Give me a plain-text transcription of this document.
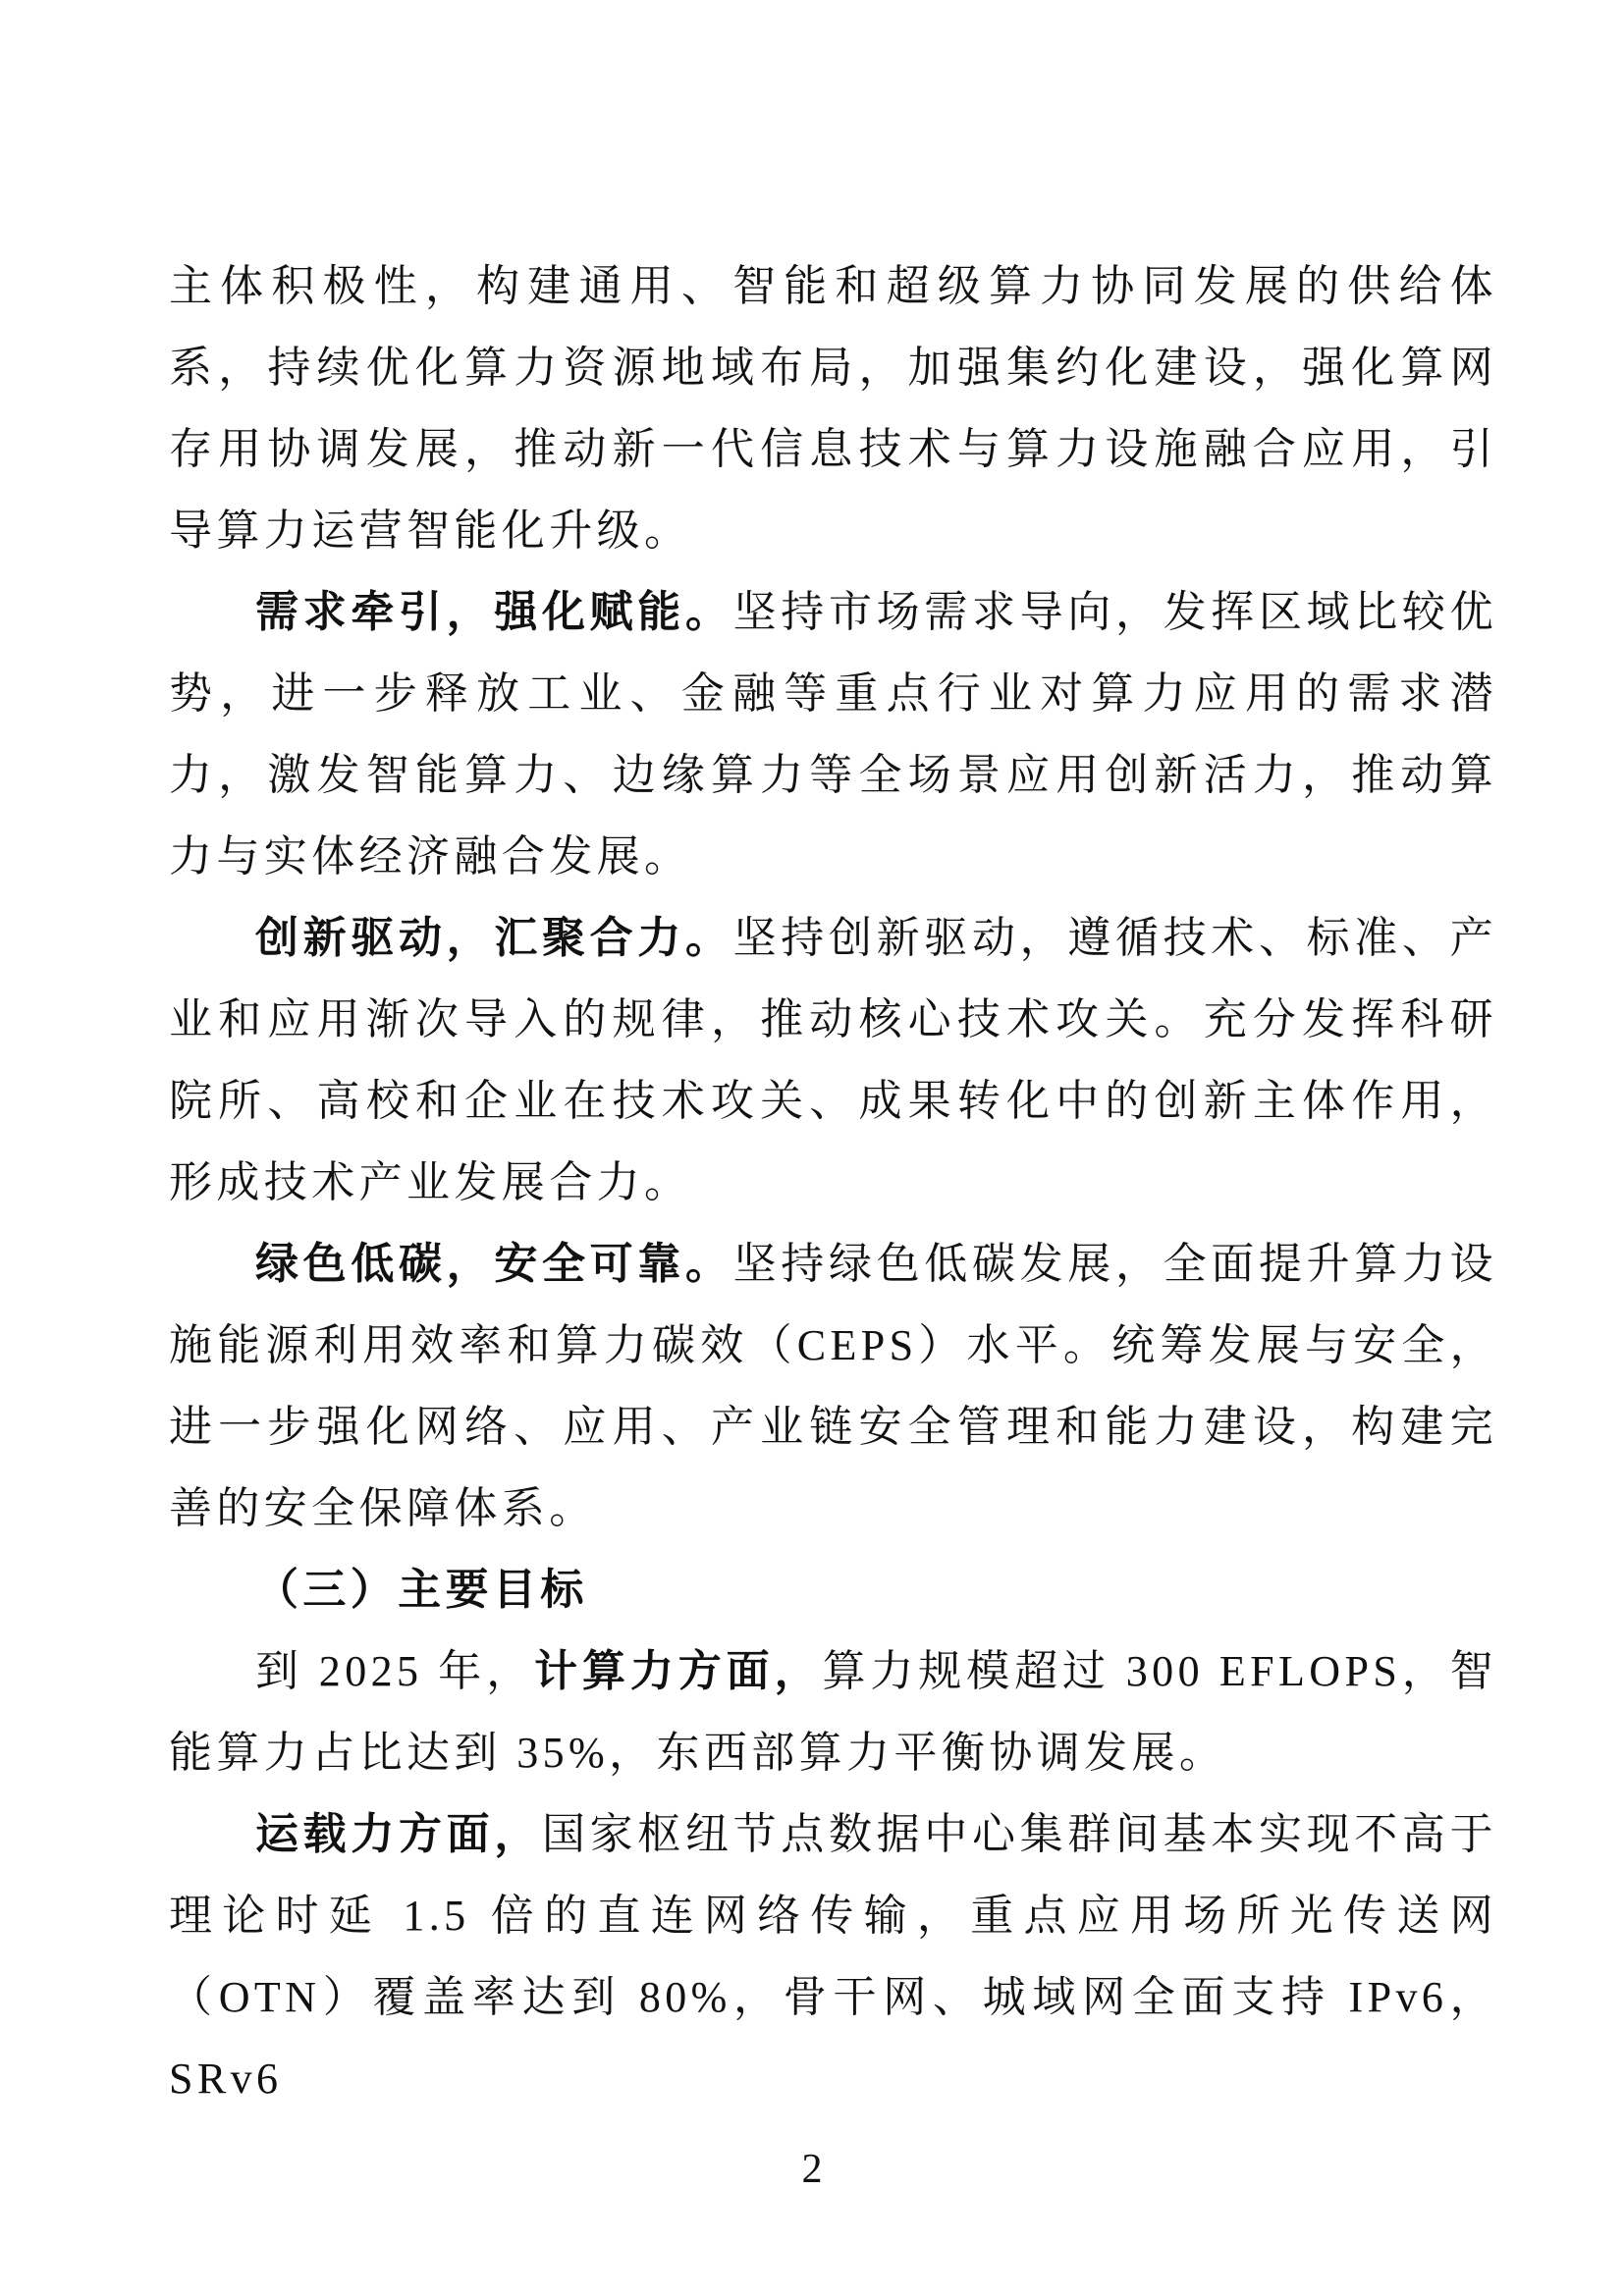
主体积极性，构建通用、智能和超级算力协同发展的供给体系，持续优化算力资源地域布局，加强集约化建设，强化算网存用协调发展，推动新一代信息技术与算力设施融合应用，引导算力运营智能化升级。

需求牵引，强化赋能。坚持市场需求导向，发挥区域比较优势，进一步释放工业、金融等重点行业对算力应用的需求潜力，激发智能算力、边缘算力等全场景应用创新活力，推动算力与实体经济融合发展。

创新驱动，汇聚合力。坚持创新驱动，遵循技术、标准、产业和应用渐次导入的规律，推动核心技术攻关。充分发挥科研院所、高校和企业在技术攻关、成果转化中的创新主体作用，形成技术产业发展合力。

绿色低碳，安全可靠。坚持绿色低碳发展，全面提升算力设施能源利用效率和算力碳效（CEPS）水平。统筹发展与安全，进一步强化网络、应用、产业链安全管理和能力建设，构建完善的安全保障体系。

（三）主要目标

到 2025 年，计算力方面，算力规模超过 300 EFLOPS，智能算力占比达到 35%，东西部算力平衡协调发展。

运载力方面，国家枢纽节点数据中心集群间基本实现不高于理论时延 1.5 倍的直连网络传输，重点应用场所光传送网（OTN）覆盖率达到 80%，骨干网、城域网全面支持 IPv6，SRv6

2
